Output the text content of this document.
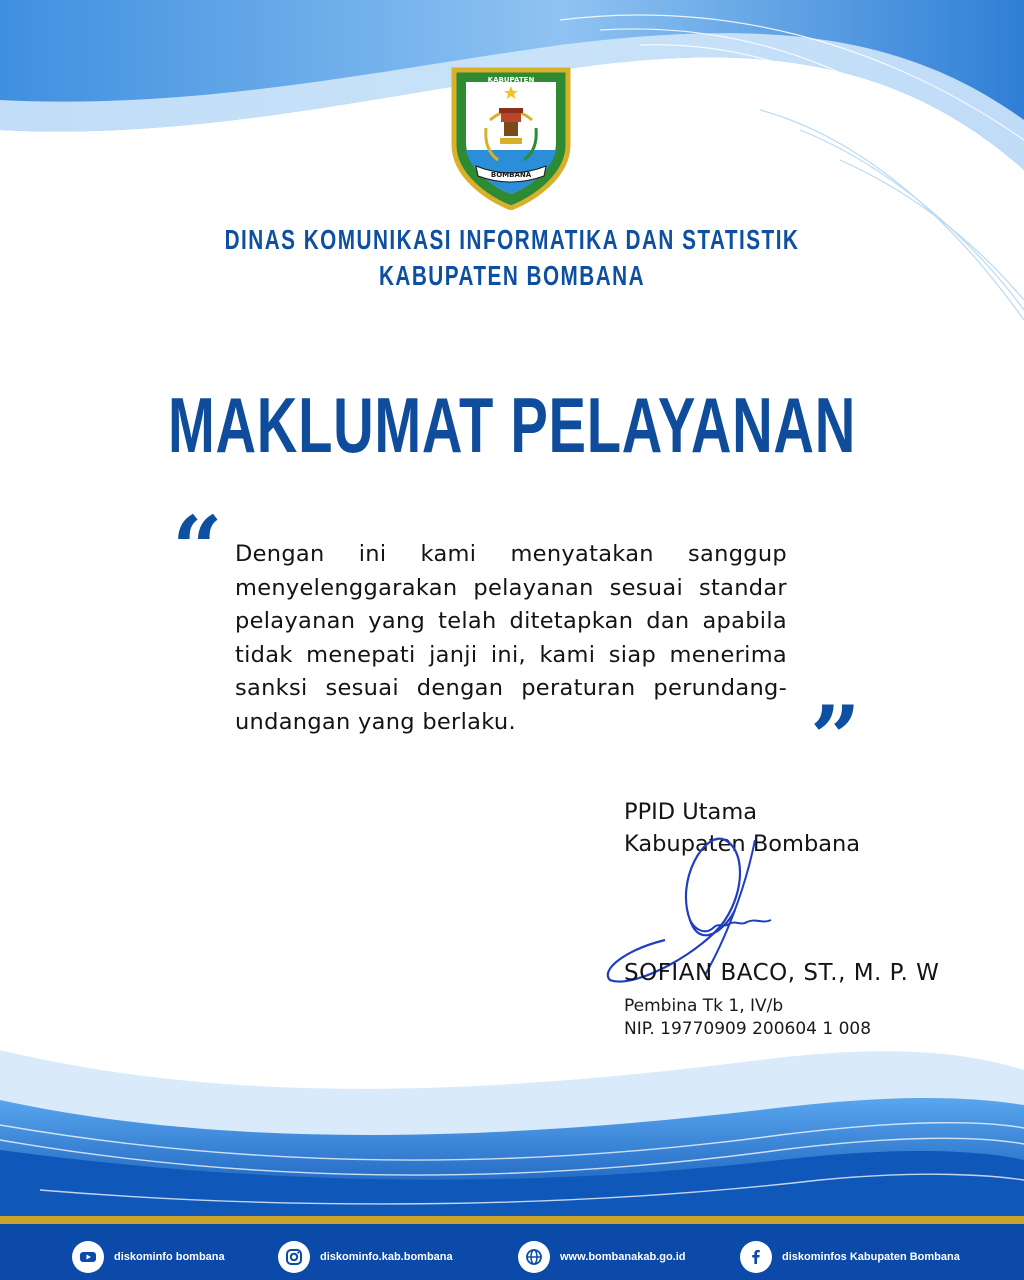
KABUPATEN
BOMBANA
DINAS KOMUNIKASI INFORMATIKA DAN STATISTIK
KABUPATEN BOMBANA
MAKLUMAT PELAYANAN
“ Dengan ini kami menyatakan sanggup menyelenggarakan pelayanan sesuai standar pelayanan yang telah ditetapkan dan apabila tidak menepati janji ini, kami siap menerima sanksi sesuai dengan peraturan perundang-undangan yang berlaku.	”
PPID Utama
Kabupaten Bombana
SOFIAN BACO, ST., M. P. W
Pembina Tk 1, IV/b
NIP. 19770909 200604 1 008
diskominfo bombana	diskominfo.kab.bombana	www.bombanakab.go.id	diskominfos Kabupaten Bombana
